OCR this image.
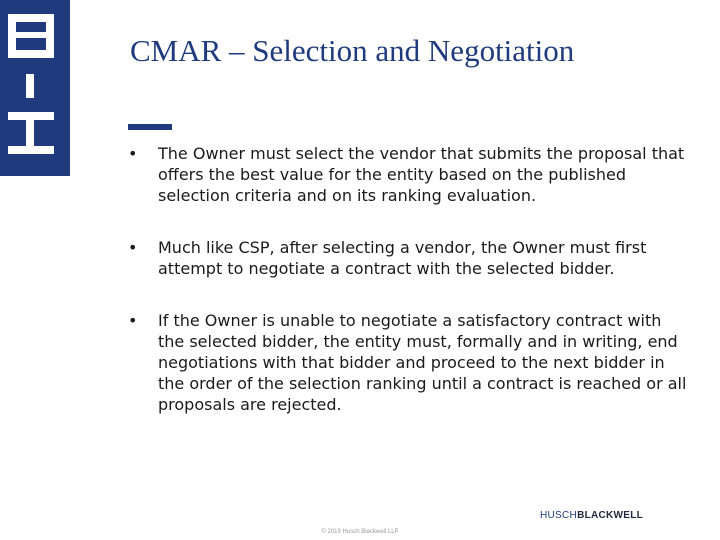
CMAR – Selection and Negotiation
•	The Owner must select the vendor that submits the proposal that offers the best value for the entity based on the published selection criteria and on its ranking evaluation.
•	Much like CSP, after selecting a vendor, the Owner must first attempt to negotiate a contract with the selected bidder.
•	If the Owner is unable to negotiate a satisfactory contract with the selected bidder, the entity must, formally and in writing, end negotiations with that bidder and proceed to the next bidder in the order of the selection ranking until a contract is reached or all proposals are rejected.
HUSCHBLACKWELL
© 2019 Husch Blackwell LLP
